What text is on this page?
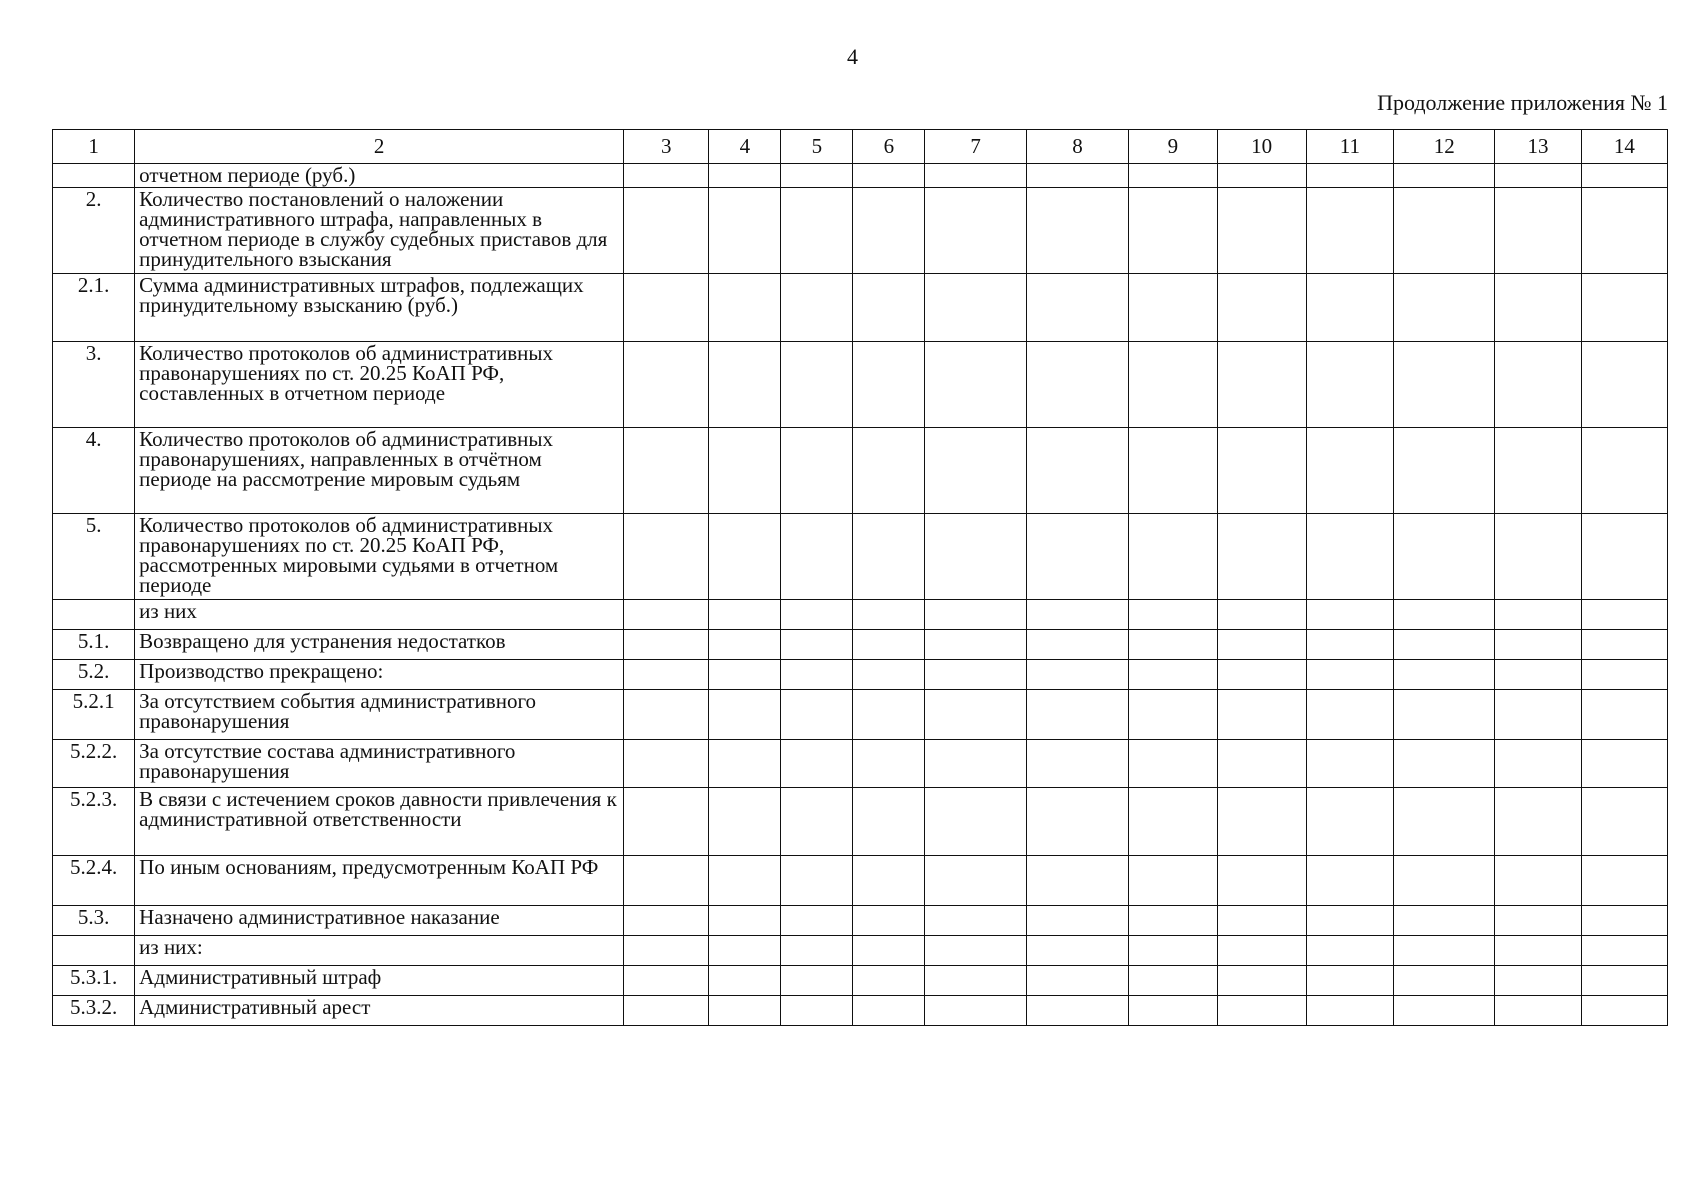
4
Продолжение приложения № 1
1	2	3	4	5	6	7	8	9	10	11	12	13	14
	отчетном периоде (руб.)												
2.	Количество постановлений о наложении административного штрафа, направленных в отчетном периоде в службу судебных приставов для принудительного взыскания												
2.1.	Сумма административных штрафов, подлежащих принудительному взысканию (руб.)												
3.	Количество протоколов об административных правонарушениях по ст. 20.25 КоАП РФ, составленных в отчетном периоде												
4.	Количество протоколов об административных правонарушениях, направленных в отчётном периоде на рассмотрение мировым судьям												
5.	Количество протоколов об административных правонарушениях по ст. 20.25 КоАП РФ, рассмотренных мировыми судьями в отчетном периоде												
	из них												
5.1.	Возвращено для устранения недостатков												
5.2.	Производство прекращено:												
5.2.1	За отсутствием события административного правонарушения												
5.2.2.	За отсутствие состава административного правонарушения												
5.2.3.	В связи с истечением сроков давности привлечения к административной ответственности												
5.2.4.	По иным основаниям, предусмотренным КоАП РФ												
5.3.	Назначено административное наказание												
	из них:												
5.3.1.	Административный штраф												
5.3.2.	Административный арест												
